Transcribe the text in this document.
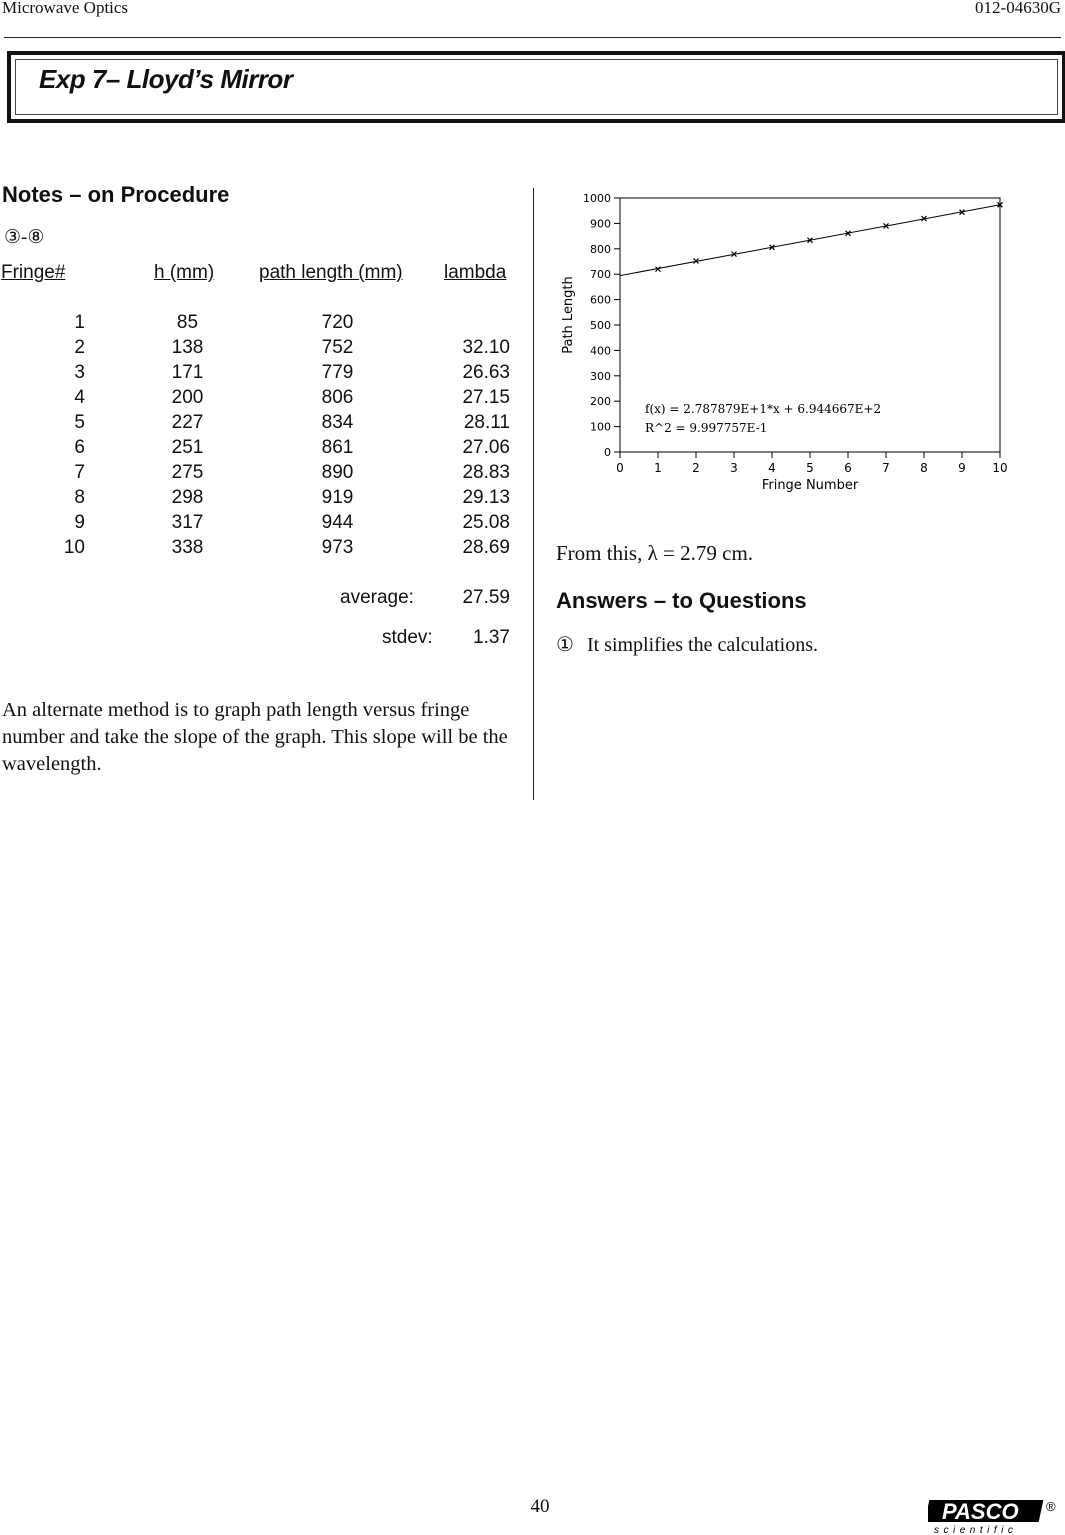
Microwave Optics	012-04630G
Exp 7– Lloyd’s Mirror
Notes – on Procedure
③-⑧
Fringe#	h (mm) path length (mm) lambda
1	85	720
2	138	752	32.10
3	171	779	26.63
4	200	806	27.15
5	227	834	28.11
6	251	861	27.06
7	275	890	28.83
8	298	919	29.13
9	317	944	25.08
10	338	973	28.69
average:	27.59
stdev:	1.37
An alternate method is to graph path length versus fringe number and take the slope of the graph. This slope will be the wavelength.
0
100
200
300
400
500
600
700
800
900
1000
0	1	2	3	4	5	6	7	8	9 10
Fringe Number
Path Length
f(x) = 2.787879E+1*x + 6.944667E+2
R^2 = 9.997757E-1
From this, λ = 2.79 cm.
Answers – to Questions
① It simplifies the calculations.
40	PASCO
scientific
®
